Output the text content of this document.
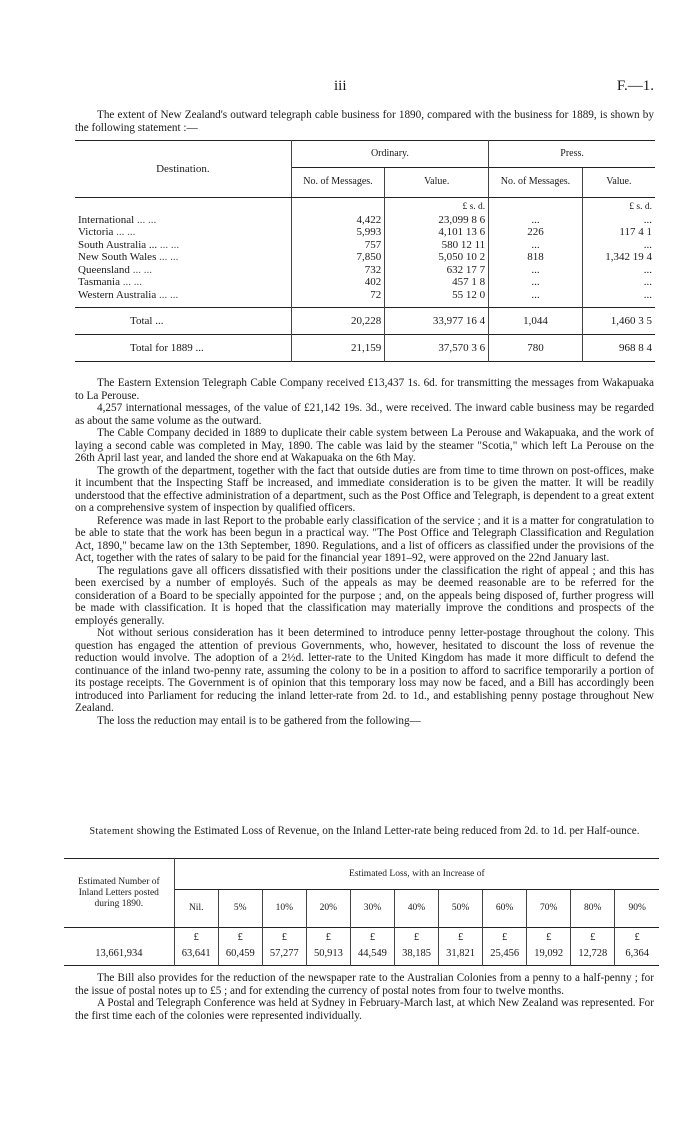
iii	F.—1.
The extent of New Zealand's outward telegraph cable business for 1890, compared with the business for 1889, is shown by the following statement :—
Destination.	Ordinary.		Press.	
	No. of Messages.	Value.	No. of Messages.	Value.
		£ s. d.		£ s. d.
International ... ...	4,422	23,099 8 6	...	...
Victoria ... ...	5,993	4,101 13 6	226	117 4 1
South Australia ... ... ...	757	580 12 11	...	...
New South Wales ... ...	7,850	5,050 10 2	818	1,342 19 4
Queensland ... ...	732	632 17 7	...	...
Tasmania ... ...	402	457 1 8	...	...
Western Australia ... ...	72	55 12 0	...	...
Total ...	20,228	33,977 16 4	1,044	1,460 3 5
Total for 1889 ...	21,159	37,570 3 6	780	968 8 4

The Eastern Extension Telegraph Cable Company received £13,437 1s. 6d. for transmitting the messages from Wakapuaka to La Perouse.

4,257 international messages, of the value of £21,142 19s. 3d., were received. The inward cable business may be regarded as about the same volume as the outward.

The Cable Company decided in 1889 to duplicate their cable system between La Perouse and Wakapuaka, and the work of laying a second cable was completed in May, 1890. The cable was laid by the steamer "Scotia," which left La Perouse on the 26th April last year, and landed the shore end at Wakapuaka on the 6th May.

The growth of the department, together with the fact that outside duties are from time to time thrown on post-offices, make it incumbent that the Inspecting Staff be increased, and immediate consideration is to be given the matter. It will be readily understood that the effective administration of a department, such as the Post Office and Telegraph, is dependent to a great extent on a comprehensive system of inspection by qualified officers.

Reference was made in last Report to the probable early classification of the service ; and it is a matter for congratulation to be able to state that the work has been begun in a practical way. "The Post Office and Telegraph Classification and Regulation Act, 1890," became law on the 13th September, 1890. Regulations, and a list of officers as classified under the provisions of the Act, together with the rates of salary to be paid for the financial year 1891–92, were approved on the 22nd January last.

The regulations gave all officers dissatisfied with their positions under the classification the right of appeal ; and this has been exercised by a number of employés. Such of the appeals as may be deemed reasonable are to be referred for the consideration of a Board to be specially appointed for the purpose ; and, on the appeals being disposed of, further progress will be made with classification. It is hoped that the classification may materially improve the conditions and prospects of the employés generally.

Not without serious consideration has it been determined to introduce penny letter-postage throughout the colony. This question has engaged the attention of previous Governments, who, however, hesitated to discount the loss of revenue the reduction would involve. The adoption of a 2½d. letter-rate to the United Kingdom has made it more difficult to defend the continuance of the inland two-penny rate, assuming the colony to be in a position to afford to sacrifice temporarily a portion of its postage receipts. The Government is of opinion that this temporary loss may now be faced, and a Bill has accordingly been introduced into Parliament for reducing the inland letter-rate from 2d. to 1d., and establishing penny postage throughout New Zealand.

The loss the reduction may entail is to be gathered from the following—

Statement showing the Estimated Loss of Revenue, on the Inland Letter-rate being reduced from 2d. to 1d. per Half-ounce.
Estimated Number of Inland Letters posted during 1890.	Estimated Loss, with an Increase of										
	Nil.	5%	10%	20%	30%	40%	50%	60%	70%	80%	90%
	£	£	£	£	£	£	£	£	£	£	£
13,661,934	63,641	60,459	57,277	50,913	44,549	38,185	31,821	25,456	19,092	12,728	6,364

The Bill also provides for the reduction of the newspaper rate to the Australian Colonies from a penny to a half-penny ; for the issue of postal notes up to £5 ; and for extending the currency of postal notes from four to twelve months.

A Postal and Telegraph Conference was held at Sydney in February-March last, at which New Zealand was represented. For the first time each of the colonies were represented individually.
